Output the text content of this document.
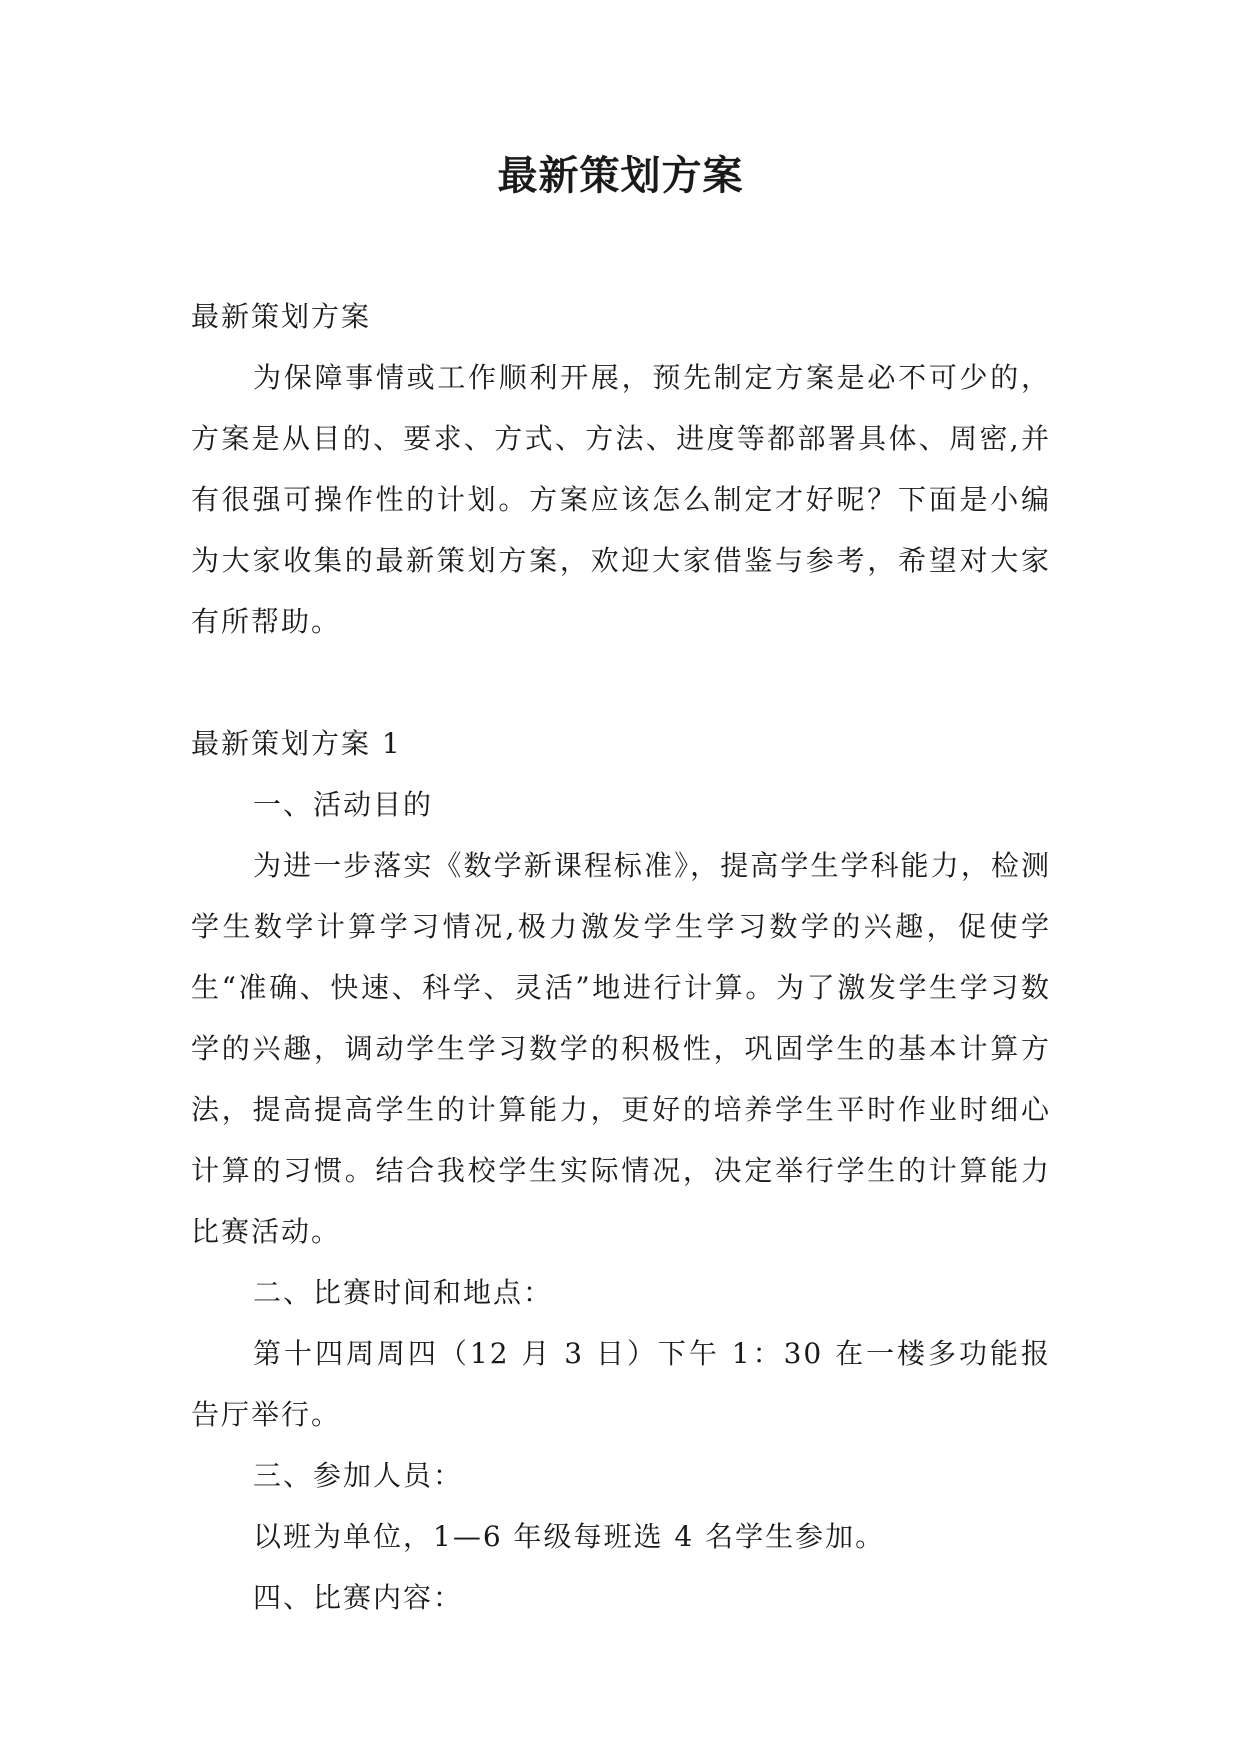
最新策划方案

最新策划方案

为保障事情或工作顺利开展，预先制定方案是必不可少的，方案是从目的、要求、方式、方法、进度等都部署具体、周密,并有很强可操作性的计划。方案应该怎么制定才好呢？下面是小编为大家收集的最新策划方案，欢迎大家借鉴与参考，希望对大家有所帮助。

最新策划方案 1

一、活动目的

为进一步落实《数学新课程标准》，提高学生学科能力，检测学生数学计算学习情况,极力激发学生学习数学的兴趣，促使学生“准确、快速、科学、灵活”地进行计算。为了激发学生学习数学的兴趣，调动学生学习数学的积极性，巩固学生的基本计算方法，提高提高学生的计算能力，更好的培养学生平时作业时细心计算的习惯。结合我校学生实际情况，决定举行学生的计算能力比赛活动。

二、比赛时间和地点：

第十四周周四（12 月 3 日）下午 1：30 在一楼多功能报告厅举行。

三、参加人员：

以班为单位，1—6 年级每班选 4 名学生参加。

四、比赛内容：
